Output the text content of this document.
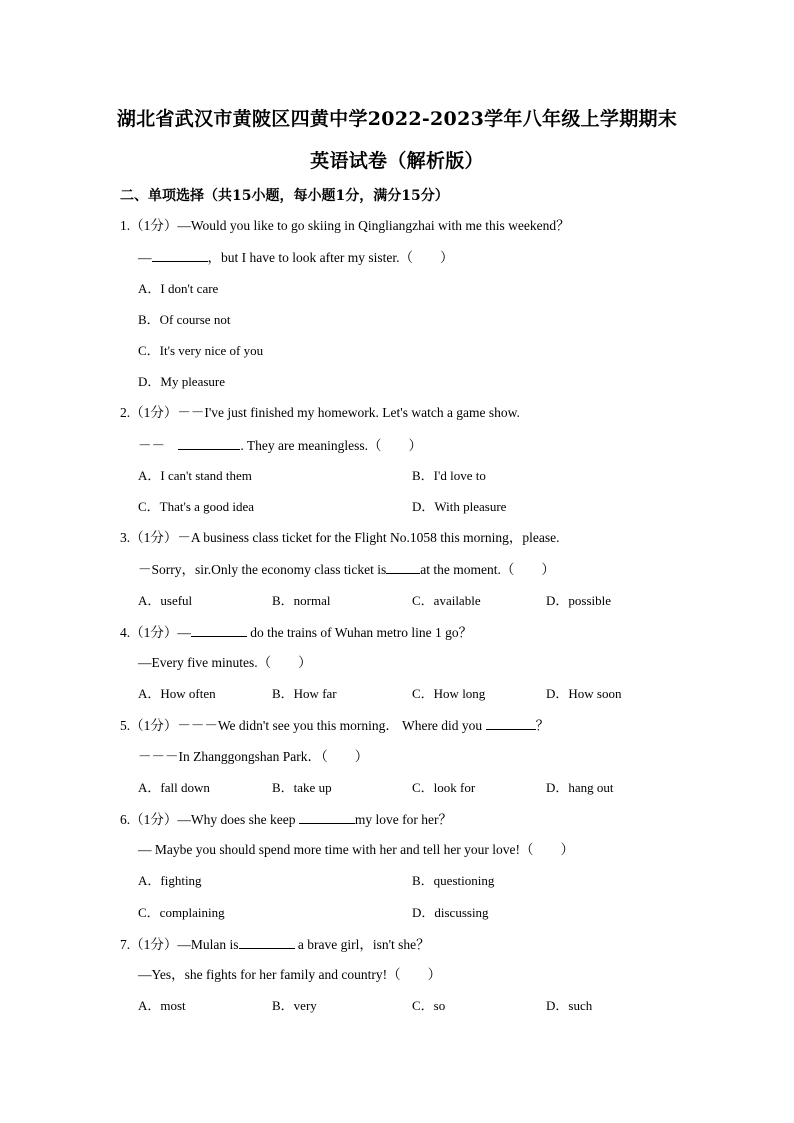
湖北省武汉市黄陂区四黄中学2022-2023学年八年级上学期期末
英语试卷（解析版）
二、单项选择（共15小题，每小题1分，满分15分）
1.（1分）—Would you like to go skiing in Qingliangzhai with me this weekend？
—	，but I have to look after my sister.（　　）
A．I don't care
B．Of course not
C．It's very nice of you
D．My pleasure
2.（1分）－－I've just finished my homework. Let's watch a game show.
－－	. They are meaningless.（　　）
A．I can't stand them	B．I'd love to
C．That's a good idea	D．With pleasure
3.（1分）－A business class ticket for the Flight No.1058 this morning，please.
－Sorry，sir.Only the economy class ticket is	at the moment.（　　）
A．useful	B．normal	C．available	D．possible
4.（1分）—	do the trains of Wuhan metro line 1 go？
—Every five minutes.（　　）
A．How often	B．How far	C．How long	D．How soon
5.（1分）－－－We didn't see you this morning． Where did you	？
－－－In Zhanggongshan Park．（　　）
A．fall down	B．take up	C．look for	D．hang out
6.（1分）—Why does she keep	my love for her？
— Maybe you should spend more time with her and tell her your love!（　　）
A．fighting	B．questioning
C．complaining	D．discussing
7.（1分）—Mulan is	a brave girl，isn't she？
—Yes，she fights for her family and country!（　　）
A．most	B．very	C．so	D．such
